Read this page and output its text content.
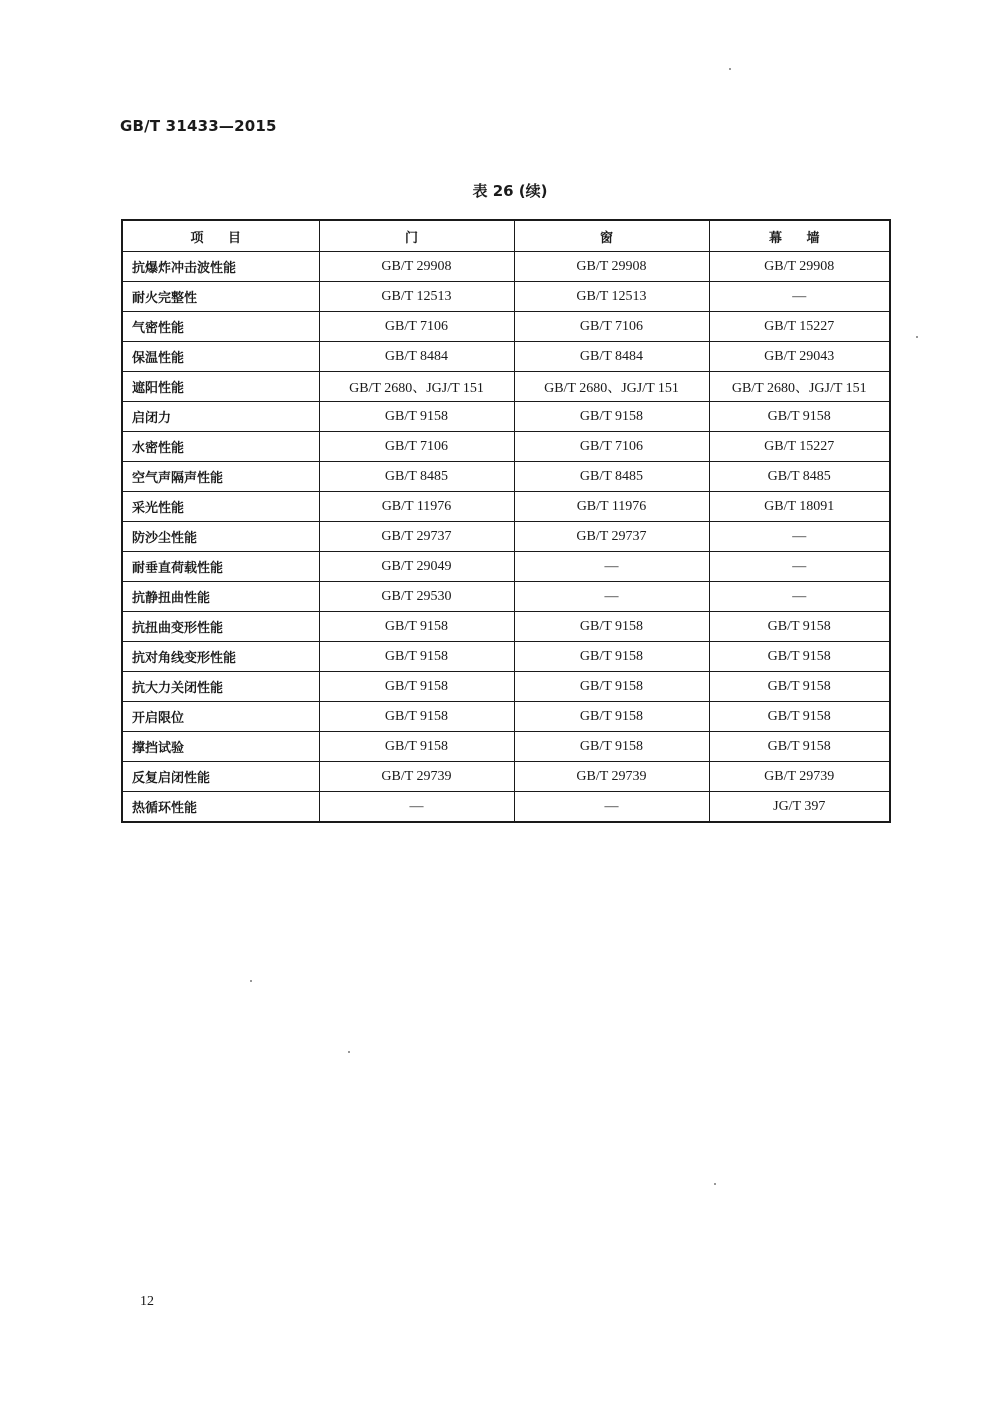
GB/T 31433—2015
表 26 (续)
项 目	门	窗	幕 墙
抗爆炸冲击波性能	GB/T 29908	GB/T 29908	GB/T 29908
耐火完整性	GB/T 12513	GB/T 12513	—
气密性能	GB/T 7106	GB/T 7106	GB/T 15227
保温性能	GB/T 8484	GB/T 8484	GB/T 29043
遮阳性能	GB/T 2680、JGJ/T 151	GB/T 2680、JGJ/T 151	GB/T 2680、JGJ/T 151
启闭力	GB/T 9158	GB/T 9158	GB/T 9158
水密性能	GB/T 7106	GB/T 7106	GB/T 15227
空气声隔声性能	GB/T 8485	GB/T 8485	GB/T 8485
采光性能	GB/T 11976	GB/T 11976	GB/T 18091
防沙尘性能	GB/T 29737	GB/T 29737	—
耐垂直荷载性能	GB/T 29049	—	—
抗静扭曲性能	GB/T 29530	—	—
抗扭曲变形性能	GB/T 9158	GB/T 9158	GB/T 9158
抗对角线变形性能	GB/T 9158	GB/T 9158	GB/T 9158
抗大力关闭性能	GB/T 9158	GB/T 9158	GB/T 9158
开启限位	GB/T 9158	GB/T 9158	GB/T 9158
撑挡试验	GB/T 9158	GB/T 9158	GB/T 9158
反复启闭性能	GB/T 29739	GB/T 29739	GB/T 29739
热循环性能	—	—	JG/T 397
12
